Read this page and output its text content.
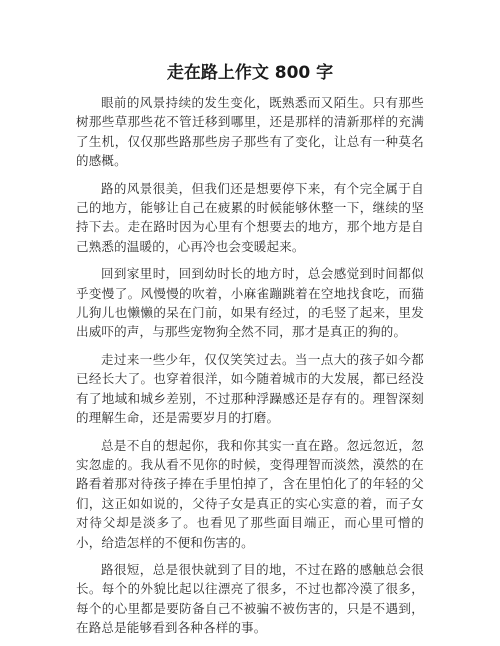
走在路上作文 800 字

眼前的风景持续的发生变化，既熟悉而又陌生。只有那些树那些草那些花不管迁移到哪里，还是那样的清新那样的充满了生机，仅仅那些路那些房子那些有了变化，让总有一种莫名的感概。

路的风景很美，但我们还是想要停下来，有个完全属于自己的地方，能够让自己在疲累的时候能够休整一下，继续的坚持下去。走在路时因为心里有个想要去的地方，那个地方是自己熟悉的温暖的，心再冷也会变暖起来。

回到家里时，回到幼时长的地方时，总会感觉到时间都似乎变慢了。风慢慢的吹着，小麻雀蹦跳着在空地找食吃，而猫儿狗儿也懒懒的呆在门前，如果有经过，的毛竖了起来，里发出威吓的声，与那些宠物狗全然不同，那才是真正的狗的。

走过来一些少年，仅仅笑笑过去。当一点大的孩子如今都已经长大了。也穿着很洋，如今随着城市的大发展，都已经没有了地域和城乡差别，不过那种浮躁感还是存有的。理智深刻的理解生命，还是需要岁月的打磨。

总是不自的想起你，我和你其实一直在路。忽远忽近，忽实忽虚的。我从看不见你的时候，变得理智而淡然，漠然的在路看着那对待孩子捧在手里怕掉了，含在里怕化了的年轻的父们，这正如如说的，父待子女是真正的实心实意的着，而子女对待父却是淡多了。也看见了那些面目端正，而心里可憎的小，给造怎样的不便和伤害的。

路很短，总是很快就到了目的地，不过在路的感触总会很长。每个的外貌比起以往漂亮了很多，不过也都冷漠了很多，每个的心里都是要防备自己不被骗不被伤害的，只是不遇到，在路总是能够看到各种各样的事。
